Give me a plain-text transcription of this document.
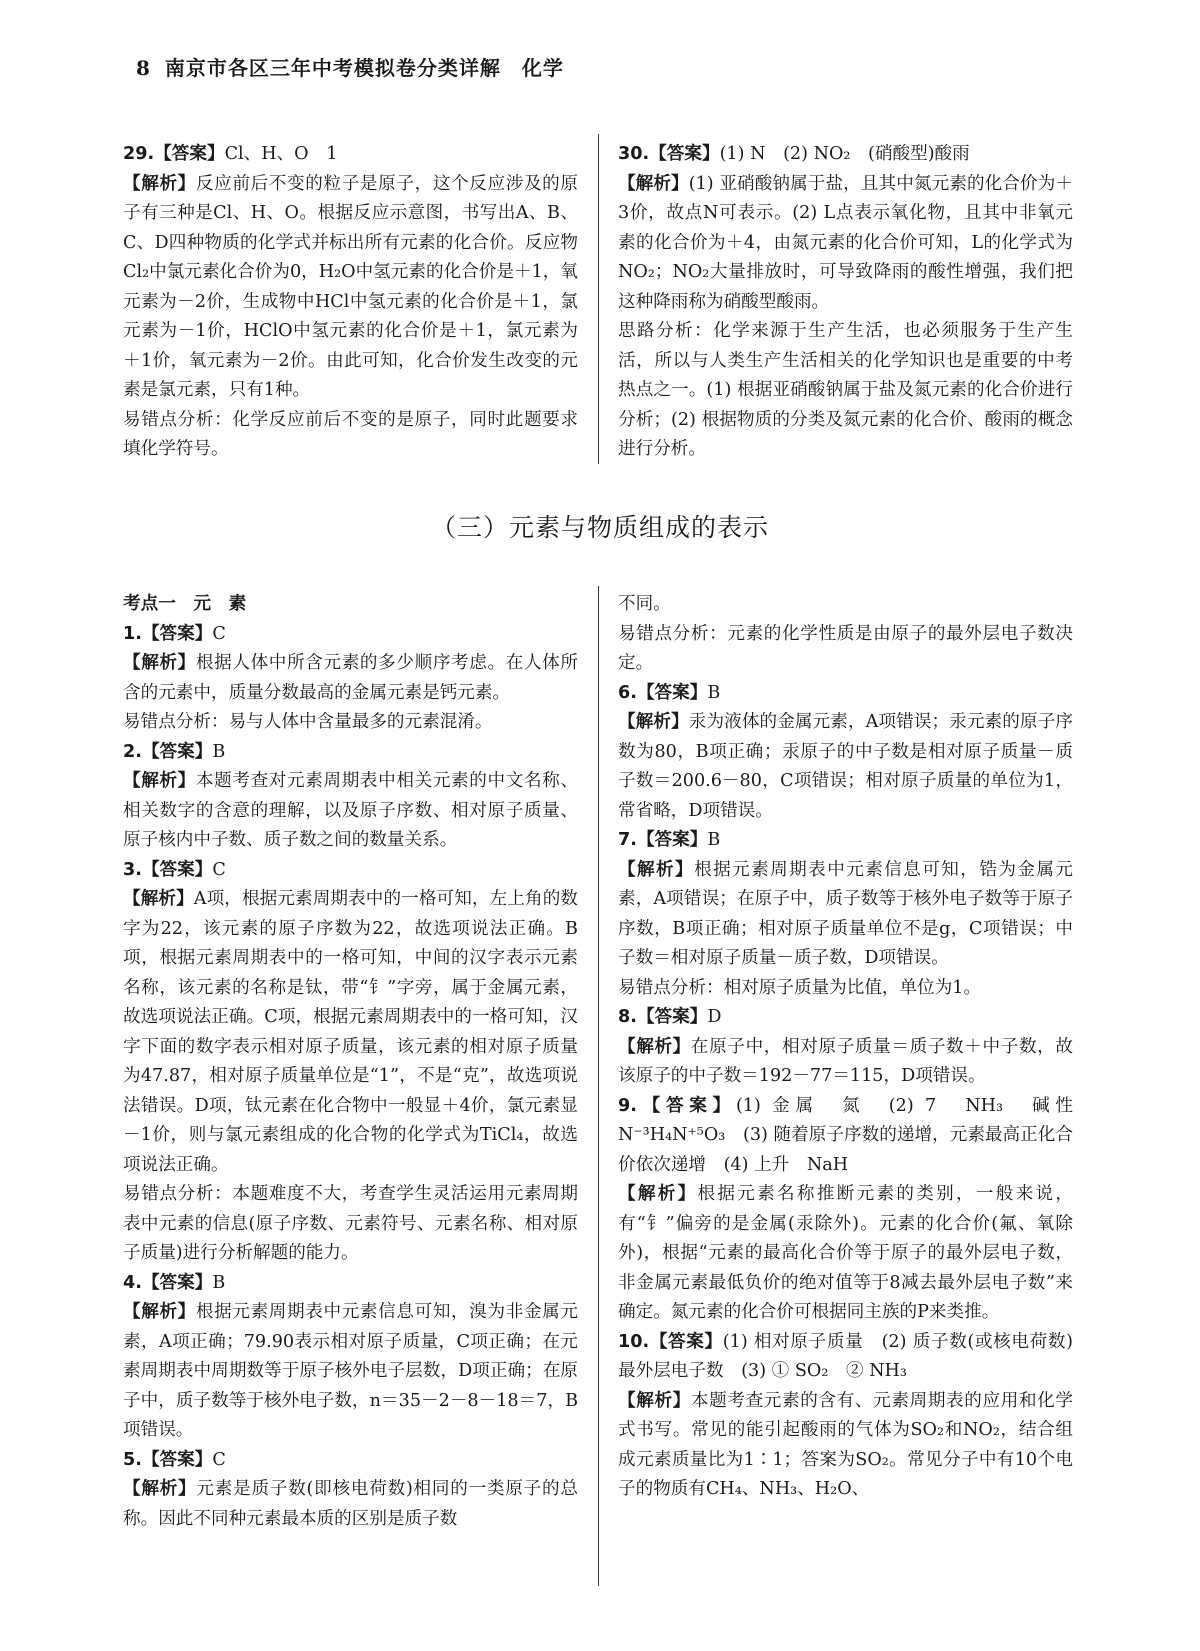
8 南京市各区三年中考模拟卷分类详解　化学

29.【答案】Cl、H、O　1

【解析】反应前后不变的粒子是原子，这个反应涉及的原子有三种是Cl、H、O。根据反应示意图，书写出A、B、C、D四种物质的化学式并标出所有元素的化合价。反应物Cl₂中氯元素化合价为0，H₂O中氢元素的化合价是＋1，氧元素为－2价，生成物中HCl中氢元素的化合价是＋1，氯元素为－1价，HClO中氢元素的化合价是＋1，氯元素为＋1价，氧元素为－2价。由此可知，化合价发生改变的元素是氯元素，只有1种。

易错点分析：化学反应前后不变的是原子，同时此题要求填化学符号。

30.【答案】(1) N　(2) NO₂　(硝酸型)酸雨

【解析】(1) 亚硝酸钠属于盐，且其中氮元素的化合价为＋3价，故点N可表示。(2) L点表示氧化物，且其中非氧元素的化合价为＋4，由氮元素的化合价可知，L的化学式为NO₂；NO₂大量排放时，可导致降雨的酸性增强，我们把这种降雨称为硝酸型酸雨。

思路分析：化学来源于生产生活，也必须服务于生产生活，所以与人类生产生活相关的化学知识也是重要的中考热点之一。(1) 根据亚硝酸钠属于盐及氮元素的化合价进行分析；(2) 根据物质的分类及氮元素的化合价、酸雨的概念进行分析。

（三）元素与物质组成的表示

考点一　元　素

1.【答案】C

【解析】根据人体中所含元素的多少顺序考虑。在人体所含的元素中，质量分数最高的金属元素是钙元素。

易错点分析：易与人体中含量最多的元素混淆。

2.【答案】B

【解析】本题考查对元素周期表中相关元素的中文名称、相关数字的含意的理解，以及原子序数、相对原子质量、原子核内中子数、质子数之间的数量关系。

3.【答案】C

【解析】A项，根据元素周期表中的一格可知，左上角的数字为22，该元素的原子序数为22，故选项说法正确。B项，根据元素周期表中的一格可知，中间的汉字表示元素名称，该元素的名称是钛，带“钅”字旁，属于金属元素，故选项说法正确。C项，根据元素周期表中的一格可知，汉字下面的数字表示相对原子质量，该元素的相对原子质量为47.87，相对原子质量单位是“1”，不是“克”，故选项说法错误。D项，钛元素在化合物中一般显＋4价，氯元素显－1价，则与氯元素组成的化合物的化学式为TiCl₄，故选项说法正确。

易错点分析：本题难度不大，考查学生灵活运用元素周期表中元素的信息(原子序数、元素符号、元素名称、相对原子质量)进行分析解题的能力。

4.【答案】B

【解析】根据元素周期表中元素信息可知，溴为非金属元素，A项正确；79.90表示相对原子质量，C项正确；在元素周期表中周期数等于原子核外电子层数，D项正确；在原子中，质子数等于核外电子数，n＝35－2－8－18＝7，B项错误。

5.【答案】C

【解析】元素是质子数(即核电荷数)相同的一类原子的总称。因此不同种元素最本质的区别是质子数

不同。

易错点分析：元素的化学性质是由原子的最外层电子数决定。

6.【答案】B

【解析】汞为液体的金属元素，A项错误；汞元素的原子序数为80，B项正确；汞原子的中子数是相对原子质量－质子数＝200.6－80，C项错误；相对原子质量的单位为1，常省略，D项错误。

7.【答案】B

【解析】根据元素周期表中元素信息可知，锆为金属元素，A项错误；在原子中，质子数等于核外电子数等于原子序数，B项正确；相对原子质量单位不是g，C项错误；中子数＝相对原子质量－质子数，D项错误。

易错点分析：相对原子质量为比值，单位为1。

8.【答案】D

【解析】在原子中，相对原子质量＝质子数＋中子数，故该原子的中子数＝192－77＝115，D项错误。

9.【答案】(1) 金属　氮　(2) 7　NH₃　碱性　N⁻³H₄N⁺⁵O₃　(3) 随着原子序数的递增，元素最高正化合价依次递增　(4) 上升　NaH

【解析】根据元素名称推断元素的类别，一般来说，有“钅”偏旁的是金属(汞除外)。元素的化合价(氟、氧除外)，根据“元素的最高化合价等于原子的最外层电子数，非金属元素最低负价的绝对值等于8减去最外层电子数”来确定。氮元素的化合价可根据同主族的P来类推。

10.【答案】(1) 相对原子质量　(2) 质子数(或核电荷数)　最外层电子数　(3) ① SO₂　② NH₃

【解析】本题考查元素的含有、元素周期表的应用和化学式书写。常见的能引起酸雨的气体为SO₂和NO₂，结合组成元素质量比为1∶1；答案为SO₂。常见分子中有10个电子的物质有CH₄、NH₃、H₂O、
